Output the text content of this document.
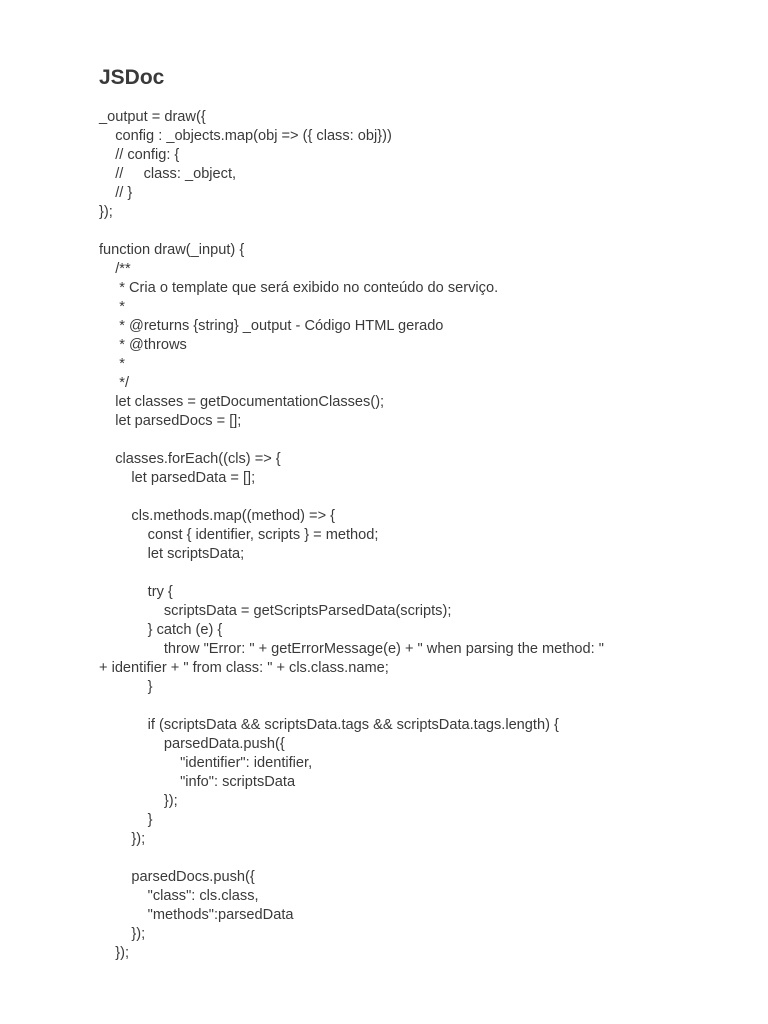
JSDoc
_output = draw({
config : _objects.map(obj => ({ class: obj}))
// config: {
//     class: _object,
// }
});
function draw(_input) {
/**
* Cria o template que será exibido no conteúdo do serviço.
*
* @returns {string} _output - Código HTML gerado
* @throws
*
*/
let classes = getDocumentationClasses();
let parsedDocs = [];
classes.forEach((cls) => {
let parsedData = [];
cls.methods.map((method) => {
const { identifier, scripts } = method;
let scriptsData;
try {
scriptsData = getScriptsParsedData(scripts);
} catch (e) {
throw "Error: " + getErrorMessage(e) + " when parsing the method: "
+ identifier + " from class: " + cls.class.name;
}
if (scriptsData && scriptsData.tags && scriptsData.tags.length) {
parsedData.push({
"identifier": identifier,
"info": scriptsData
});
}
});
parsedDocs.push({
"class": cls.class,
"methods":parsedData
});
});
